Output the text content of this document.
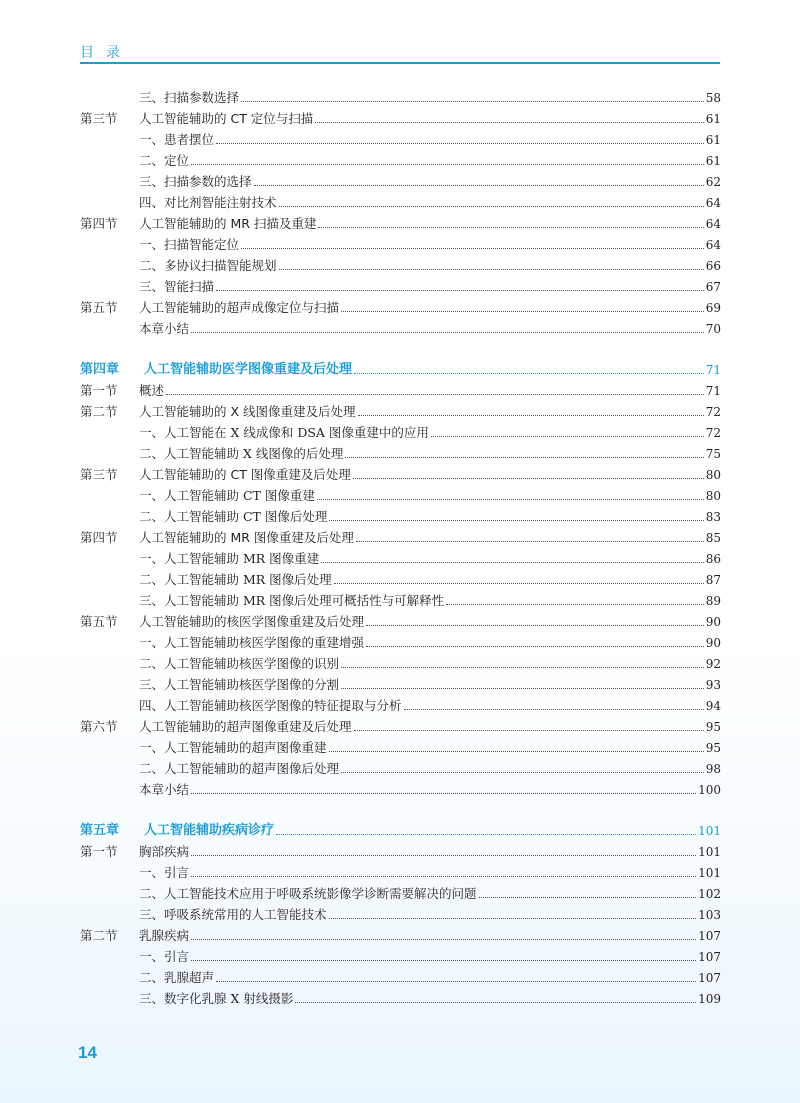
目录
三、扫描参数选择	58
第三节	人工智能辅助的 CT 定位与扫描	61
一、患者摆位	61
二、定位	61
三、扫描参数的选择	62
四、对比剂智能注射技术	64
第四节	人工智能辅助的 MR 扫描及重建	64
一、扫描智能定位	64
二、多协议扫描智能规划	66
三、智能扫描	67
第五节	人工智能辅助的超声成像定位与扫描	69
本章小结	70
第四章	人工智能辅助医学图像重建及后处理	71
第一节	概述	71
第二节	人工智能辅助的 X 线图像重建及后处理	72
一、人工智能在 X 线成像和 DSA 图像重建中的应用	72
二、人工智能辅助 X 线图像的后处理	75
第三节	人工智能辅助的 CT 图像重建及后处理	80
一、人工智能辅助 CT 图像重建	80
二、人工智能辅助 CT 图像后处理	83
第四节	人工智能辅助的 MR 图像重建及后处理	85
一、人工智能辅助 MR 图像重建	86
二、人工智能辅助 MR 图像后处理	87
三、人工智能辅助 MR 图像后处理可概括性与可解释性	89
第五节	人工智能辅助的核医学图像重建及后处理	90
一、人工智能辅助核医学图像的重建增强	90
二、人工智能辅助核医学图像的识别	92
三、人工智能辅助核医学图像的分割	93
四、人工智能辅助核医学图像的特征提取与分析	94
第六节	人工智能辅助的超声图像重建及后处理	95
一、人工智能辅助的超声图像重建	95
二、人工智能辅助的超声图像后处理	98
本章小结	100
第五章	人工智能辅助疾病诊疗	101
第一节	胸部疾病	101
一、引言	101
二、人工智能技术应用于呼吸系统影像学诊断需要解决的问题	102
三、呼吸系统常用的人工智能技术	103
第二节	乳腺疾病	107
一、引言	107
二、乳腺超声	107
三、数字化乳腺 X 射线摄影	109
14
